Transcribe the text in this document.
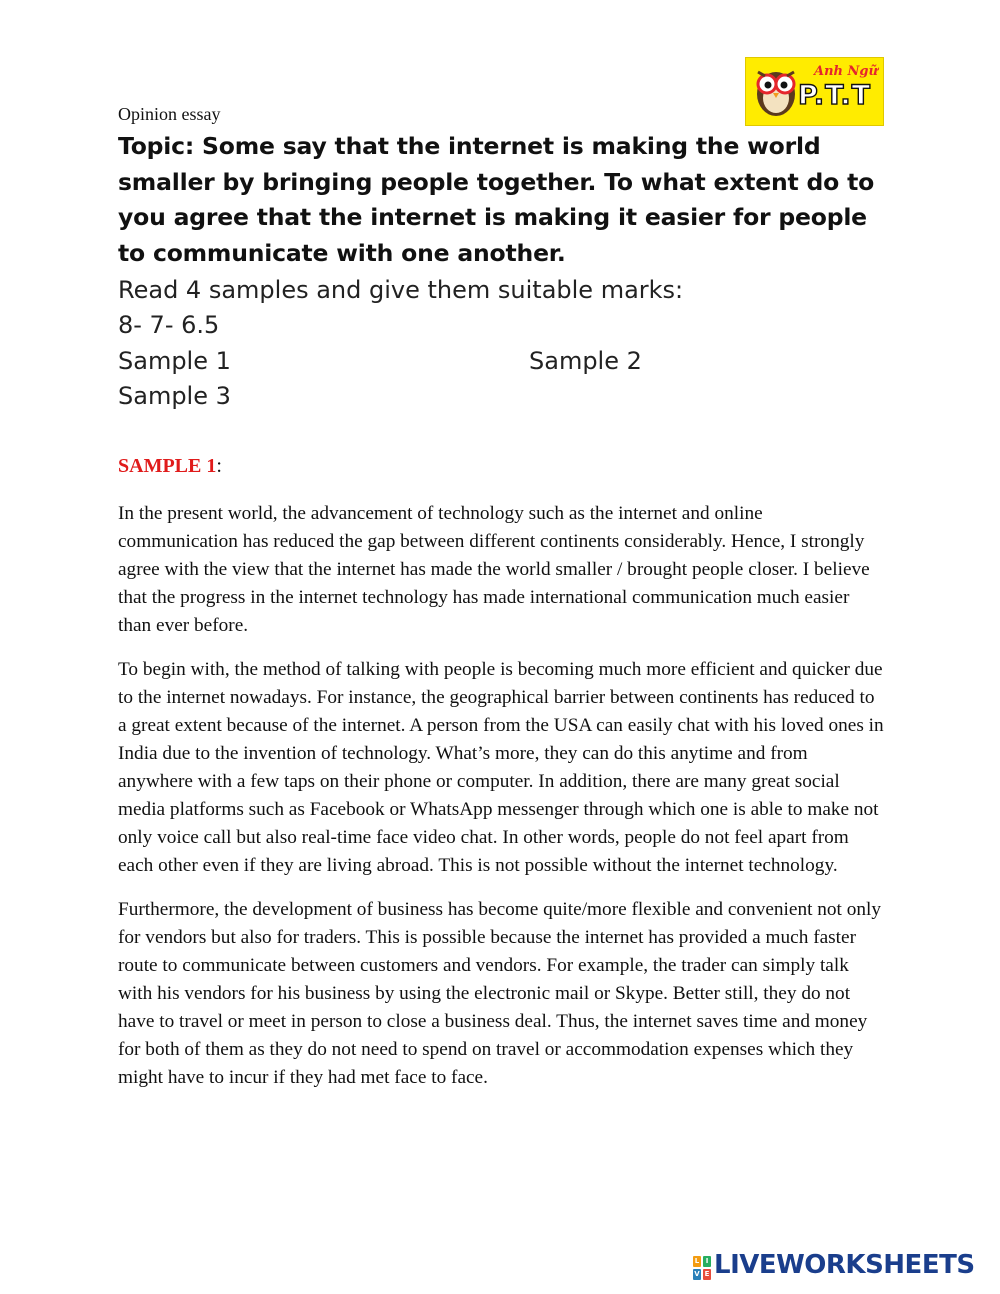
Anh Ngữ
P.T.T
Opinion essay
Topic: Some say that the internet is making the world smaller by bringing people together. To what extent do to you agree that the internet is making it easier for people to communicate with one another.
Read 4 samples and give them suitable marks:
8- 7- 6.5
Sample 1	Sample 2
Sample 3
SAMPLE 1:

In the present world, the advancement of technology such as the internet and online communication has reduced the gap between different continents considerably. Hence, I strongly agree with the view that the internet has made the world smaller / brought people closer. I believe that the progress in the internet technology has made international communication much easier than ever before.

To begin with, the method of talking with people is becoming much more efficient and quicker due to the internet nowadays. For instance, the geographical barrier between continents has reduced to a great extent because of the internet. A person from the USA can easily chat with his loved ones in India due to the invention of technology. What’s more, they can do this anytime and from anywhere with a few taps on their phone or computer. In addition, there are many great social media platforms such as Facebook or WhatsApp messenger through which one is able to make not only voice call but also real-time face video chat. In other words, people do not feel apart from each other even if they are living abroad. This is not possible without the internet technology.

Furthermore, the development of business has become quite/more flexible and convenient not only for vendors but also for traders. This is possible because the internet has provided a much faster route to communicate between customers and vendors. For example, the trader can simply talk with his vendors for his business by using the electronic mail or Skype. Better still, they do not have to travel or meet in person to close a business deal. Thus, the internet saves time and money for both of them as they do not need to spend on travel or accommodation expenses which they might have to incur if they had met face to face.

L I
V E LIVEWORKSHEETS
